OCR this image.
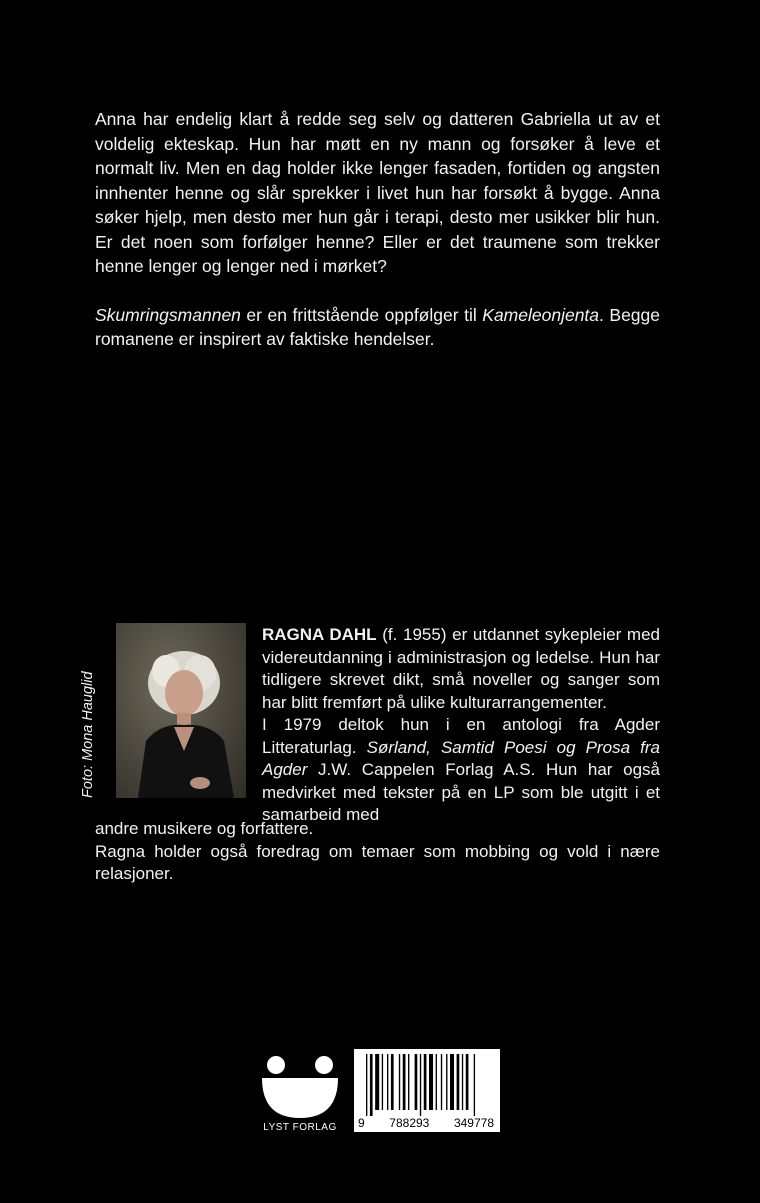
Anna har endelig klart å redde seg selv og datteren Gabriella ut av et voldelig ekteskap. Hun har møtt en ny mann og forsøker å leve et normalt liv. Men en dag holder ikke lenger fasaden, fortiden og angsten innhenter henne og slår sprekker i livet hun har forsøkt å bygge. Anna søker hjelp, men desto mer hun går i terapi, desto mer usikker blir hun. Er det noen som forfølger henne? Eller er det traumene som trekker henne lenger og lenger ned i mørket?

Skumringsmannen er en frittstående oppfølger til Kameleonjenta. Begge romanene er inspirert av faktiske hendelser.

Foto: Mona Hauglid

RAGNA DAHL (f. 1955) er utdannet sykepleier med videreutdanning i administrasjon og ledelse. Hun har tidligere skrevet dikt, små noveller og sanger som har blitt fremført på ulike kulturarrangementer.

I 1979 deltok hun i en antologi fra Agder Litteraturlag. Sørland, Samtid Poesi og Prosa fra Agder J.W. Cappelen Forlag A.S. Hun har også medvirket med tekster på en LP som ble utgitt i et samarbeid med

andre musikere og forfattere.

Ragna holder også foredrag om temaer som mobbing og vold i nære relasjoner.

LYST FORLAG	9 788293 349778
